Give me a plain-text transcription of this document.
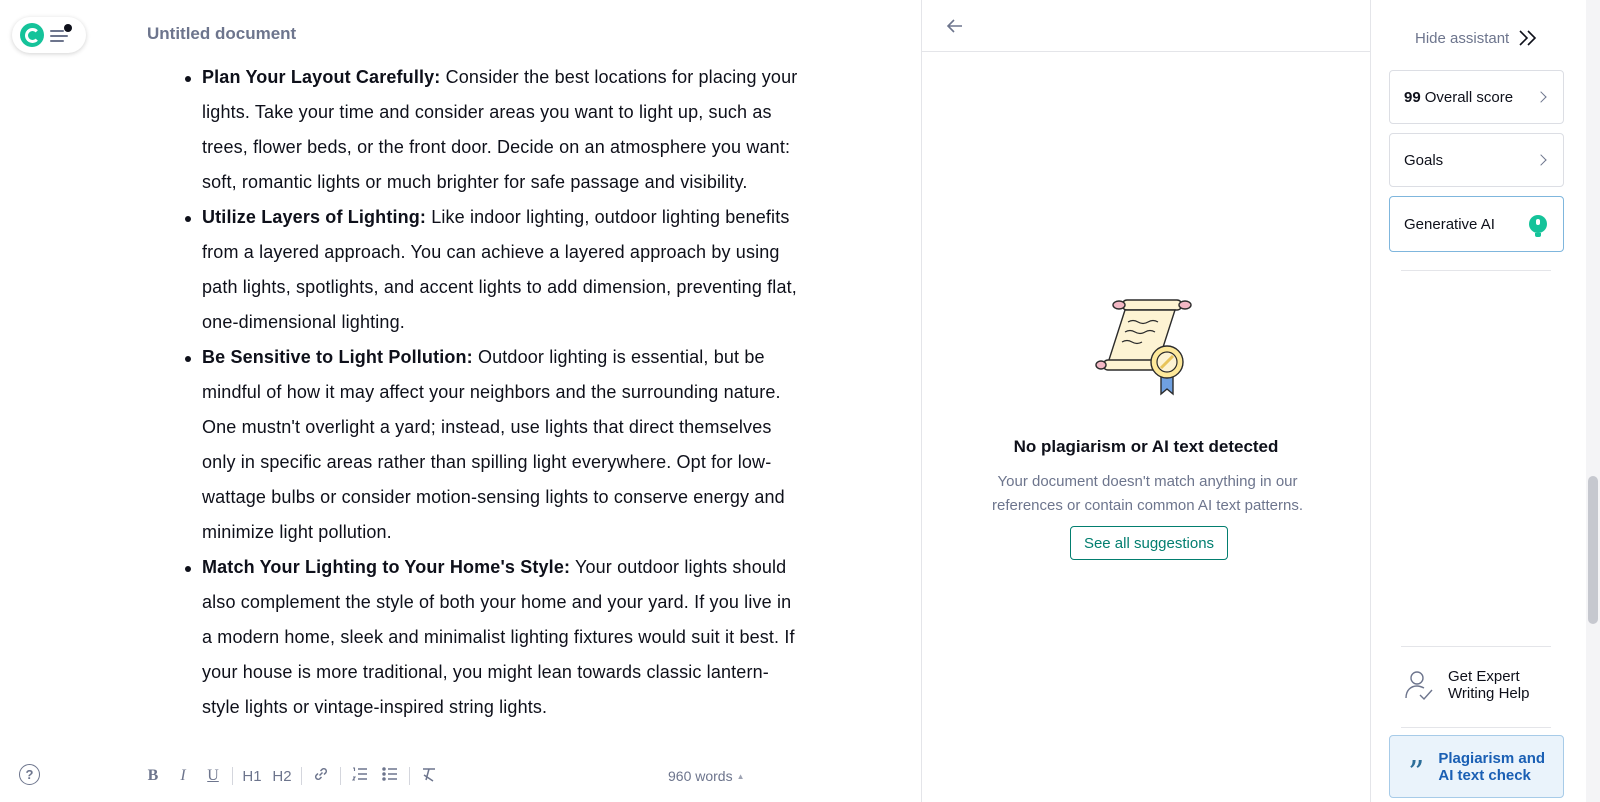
Untitled document
Plan Your Layout Carefully: Consider the best locations for placing your lights. Take your time and consider areas you want to light up, such as trees, flower beds, or the front door. Decide on an atmosphere you want: soft, romantic lights or much brighter for safe passage and visibility.
Utilize Layers of Lighting: Like indoor lighting, outdoor lighting benefits from a layered approach. You can achieve a layered approach by using path lights, spotlights, and accent lights to add dimension, preventing flat, one-dimensional lighting.
Be Sensitive to Light Pollution: Outdoor lighting is essential, but be mindful of how it may affect your neighbors and the surrounding nature. One mustn't overlight a yard; instead, use lights that direct themselves only in specific areas rather than spilling light everywhere. Opt for low-wattage bulbs or consider motion-sensing lights to conserve energy and minimize light pollution.
Match Your Lighting to Your Home's Style: Your outdoor lights should also complement the style of both your home and your yard. If you live in a modern home, sleek and minimalist lighting fixtures would suit it best. If your house is more traditional, you might lean towards classic lantern-style lights or vintage-inspired string lights.
?	B	I	U	H1 H2	960 words ▲
No plagiarism or AI text detected
Your document doesn't match anything in our references or contain common AI text patterns.
See all suggestions
Hide assistant
99 Overall score
Goals
Generative AI
Get Expert Writing Help
” Plagiarism and AI text check
